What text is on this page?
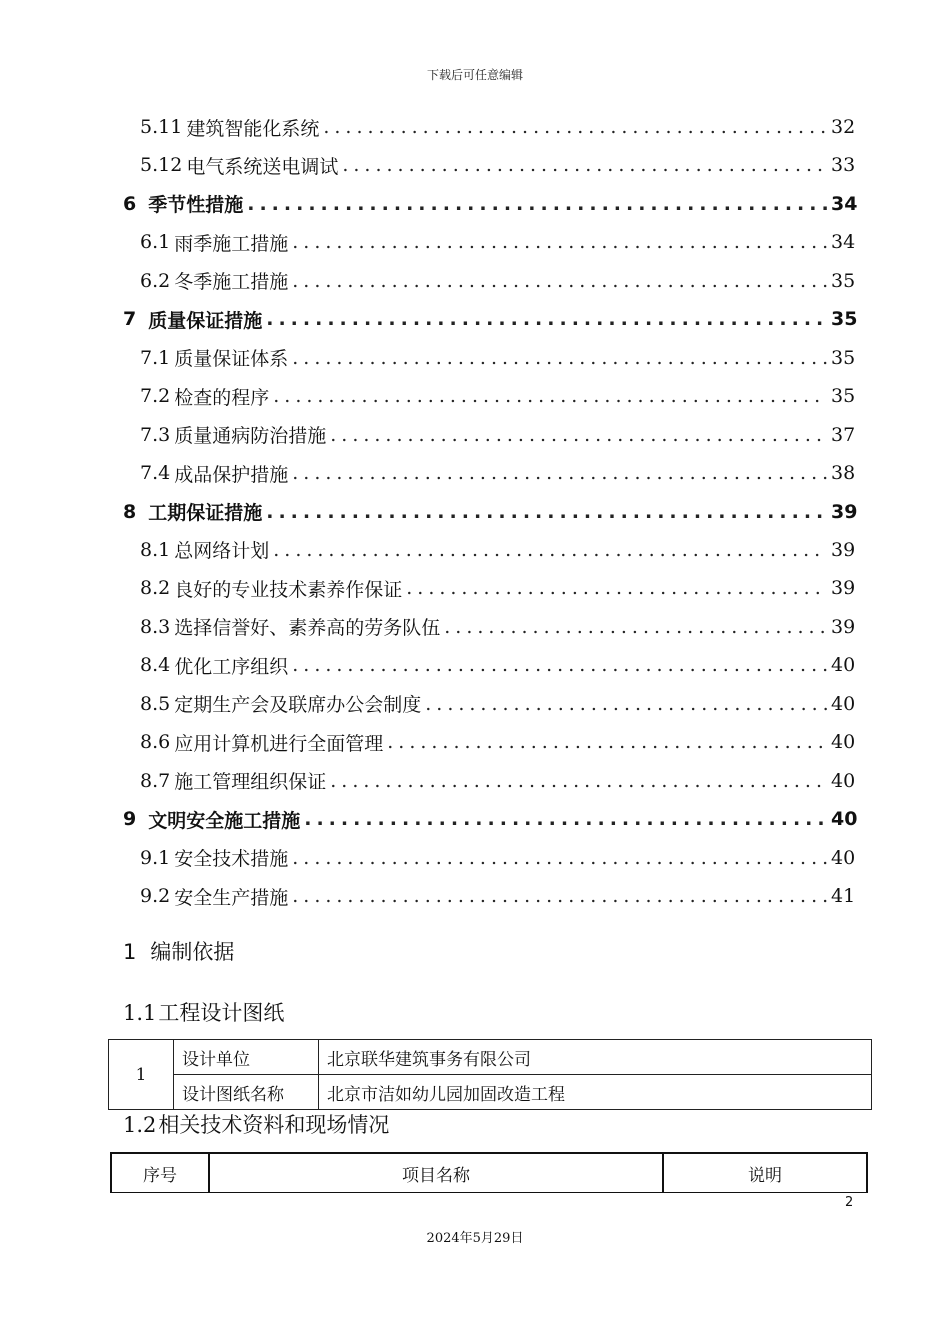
下载后可任意编辑
5.11 建筑智能化系统 .....	32
5.12 电气系统送电调试 .....	33
6 季节性措施 .....	34
6.1 雨季施工措施 .....	34
6.2 冬季施工措施 .....	35
7 质量保证措施 .....	35
7.1 质量保证体系 .....	35
7.2 检查的程序 .....	35
7.3 质量通病防治措施 .....	37
7.4 成品保护措施 .....	38
8 工期保证措施 .....	39
8.1 总网络计划 .....	39
8.2 良好的专业技术素养作保证 .....	39
8.3 选择信誉好、素养高的劳务队伍 .....	39
8.4 优化工序组织 .....	40
8.5 定期生产会及联席办公会制度 .....	40
8.6 应用计算机进行全面管理 .....	40
8.7 施工管理组织保证 .....	40
9 文明安全施工措施 .....	40
9.1 安全技术措施 .....	40
9.2 安全生产措施 .....	41
1 编制依据
1.1工程设计图纸
1	设计单位	北京联华建筑事务有限公司
	设计图纸名称	北京市洁如幼儿园加固改造工程
1.2相关技术资料和现场情况
序号	项目名称	说明
2
2024年5月29日
